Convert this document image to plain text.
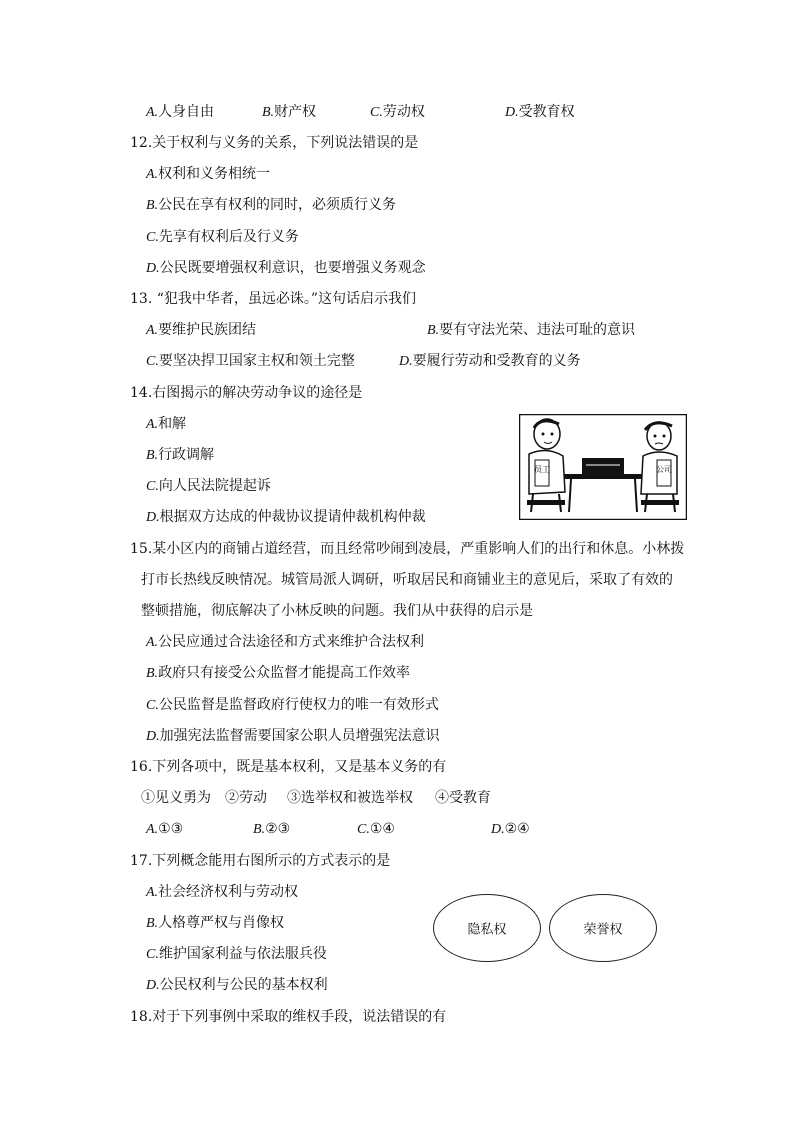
A.人身自由	B.财产权	C.劳动权	D.受教育权
12.关于权利与义务的关系，下列说法错误的是
A.权利和义务相统一
B.公民在享有权利的同时，必须质行义务
C.先享有权利后及行义务
D.公民既要增强权利意识，也要增强义务观念
13. “犯我中华者，虽远必诛。”这句话启示我们
A.要维护民族团结	B.要有守法光荣、违法可耻的意识
C.要坚决捍卫国家主权和领土完整	D.要履行劳动和受教育的义务
14.右图揭示的解决劳动争议的途径是
A.和解
B.行政调解
C.向人民法院提起诉
D.根据双方达成的仲裁协议提请仲裁机构仲裁
员工	公司
15.某小区内的商铺占道经营，而且经常吵闹到凌晨，严重影响人们的出行和休息。小林拨
打市长热线反映情况。城管局派人调研，听取居民和商铺业主的意见后，采取了有效的
整顿措施，彻底解决了小林反映的问题。我们从中获得的启示是
A.公民应通过合法途径和方式来维护合法权利
B.政府只有接受公众监督才能提高工作效率
C.公民监督是监督政府行使权力的唯一有效形式
D.加强宪法监督需要国家公职人员增强宪法意识
16.下列各项中，既是基本权利，又是基本义务的有
①见义勇为 ②劳动 ③选举权和被选举权 ④受教育
A.①③	B.②③	C.①④	D.②④
17.下列概念能用右图所示的方式表示的是
A.社会经济权利与劳动权
B.人格尊严权与肖像权
C.维护国家利益与依法服兵役
D.公民权利与公民的基本权利
隐私权	荣誉权
18.对于下列事例中采取的维权手段，说法错误的有
